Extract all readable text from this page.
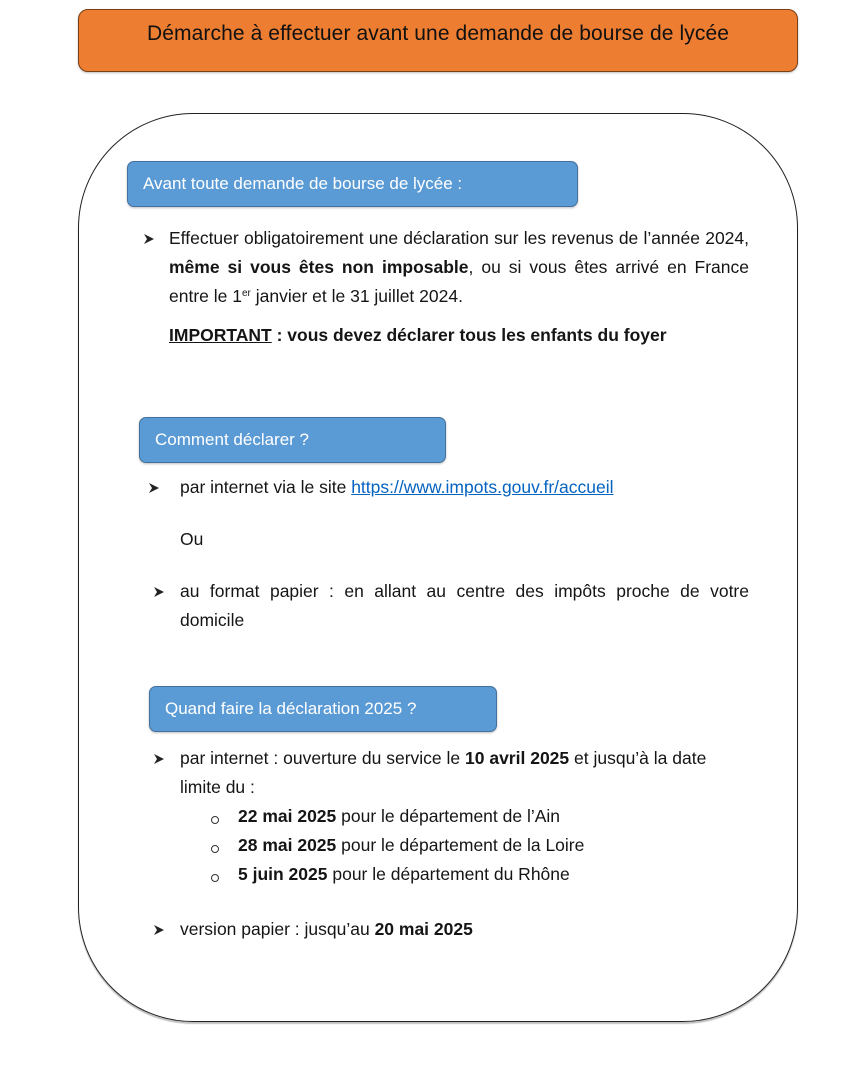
Démarche à effectuer avant une demande de bourse de lycée
Avant toute demande de bourse de lycée :
Effectuer obligatoirement une déclaration sur les revenus de l’année 2024, même si vous êtes non imposable, ou si vous êtes arrivé en France entre le 1er janvier et le 31 juillet 2024.
IMPORTANT : vous devez déclarer tous les enfants du foyer
Comment déclarer ?
par internet via le site https://www.impots.gouv.fr/accueil
Ou
au format papier : en allant au centre des impôts proche de votre domicile
Quand faire la déclaration 2025 ?
par internet : ouverture du service le 10 avril 2025 et jusqu’à la date limite du :
22 mai 2025 pour le département de l’Ain
28 mai 2025 pour le département de la Loire
5 juin 2025 pour le département du Rhône
version papier : jusqu’au 20 mai 2025
